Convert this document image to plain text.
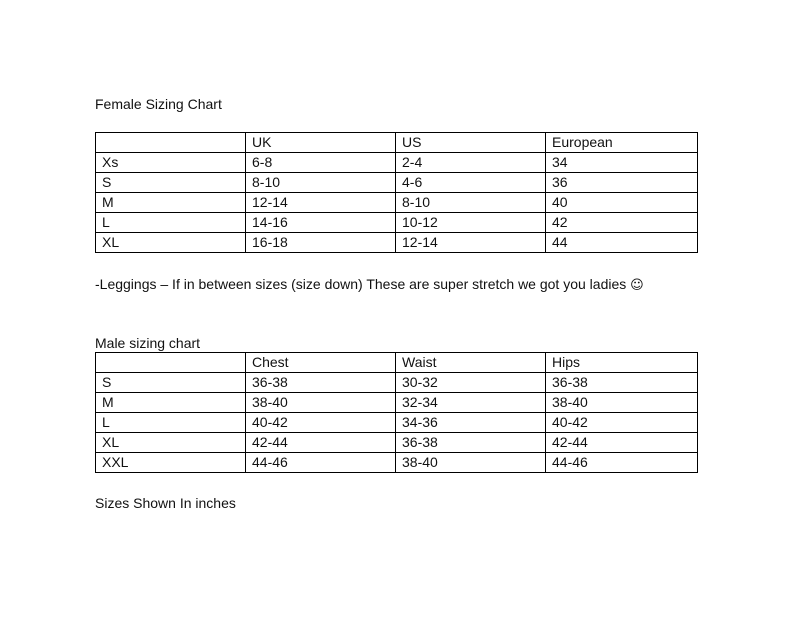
Female Sizing Chart
	UK	US	European
Xs	6-8	2-4	34
S	8-10	4-6	36
M	12-14	8-10	40
L	14-16	10-12	42
XL	16-18	12-14	44
-Leggings – If in between sizes (size down) These are super stretch we got you ladies ☺
Male sizing chart
	Chest	Waist	Hips
S	36-38	30-32	36-38
M	38-40	32-34	38-40
L	40-42	34-36	40-42
XL	42-44	36-38	42-44
XXL	44-46	38-40	44-46
Sizes Shown In inches
